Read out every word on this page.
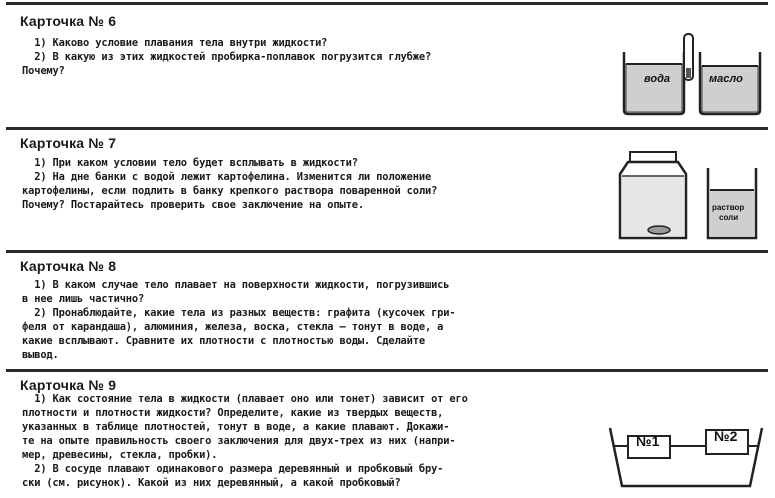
Карточка № 6
1) Каково условие плавания тела внутри жидкости?
2) В какую из этих жидкостей пробирка-поплавок погрузится глубже?
Почему?
вода	масло
Карточка № 7
1) При каком условии тело будет всплывать в жидкости?
2) На дне банки с водой лежит картофелина. Изменится ли положение
картофелины, если подлить в банку крепкого раствора поваренной соли?
Почему? Постарайтесь проверить свое заключение на опыте.	раствор
соли
Карточка № 8
1) В каком случае тело плавает на поверхности жидкости, погрузившись
в нее лишь частично?
2) Пронаблюдайте, какие тела из разных веществ: графита (кусочек гри-
феля от карандаша), алюминия, железа, воска, стекла — тонут в воде, а
какие всплывают. Сравните их плотности с плотностью воды. Сделайте
вывод.
Карточка № 9
1) Как состояние тела в жидкости (плавает оно или тонет) зависит от его
плотности и плотности жидкости? Определите, какие из твердых веществ,
указанных в таблице плотностей, тонут в воде, а какие плавают. Докажи-
те на опыте правильность своего заключения для двух-трех из них (напри-
мер, древесины, стекла, пробки).
2) В сосуде плавают одинакового размера деревянный и пробковый бру-
ски (см. рисунок). Какой из них деревянный, а какой пробковый?
№1	№2
